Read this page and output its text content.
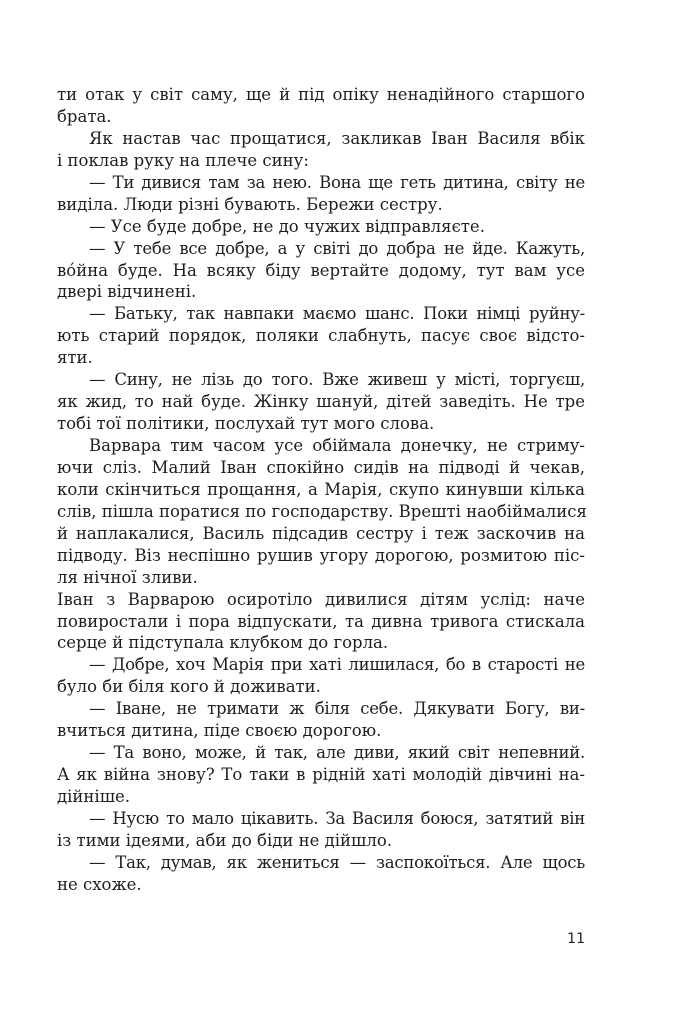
ти отак у світ саму, ще й під опіку ненадійного старшого
брата.
Як настав час прощатися, закликав Іван Василя вбік
і поклав руку на плече сину:
— Ти дивися там за нею. Вона ще геть дитина, світу не
виділа. Люди різні бувають. Бережи сестру.
— Усе буде добре, не до чужих відправляєте.
— У тебе все добре, а у світі до добра не йде. Кажуть,
во́йна буде. На всяку біду вертайте додому, тут вам усе
двері відчинені.
— Батьку, так навпаки маємо шанс. Поки німці руйну-
ють старий порядок, поляки слабнуть, пасує своє відсто-
яти.
— Сину, не лізь до того. Вже живеш у місті, торгуєш,
як жид, то най буде. Жінку шануй, дітей заведіть. Не тре
тобі тої політики, послухай тут мого слова.
Варвара тим часом усе обіймала донечку, не стриму-
ючи сліз. Малий Іван спокійно сидів на підводі й чекав,
коли скінчиться прощання, а Марія, скупо кинувши кілька
слів, пішла поратися по господарству. Врешті наобіймалися
й наплакалися, Василь підсадив сестру і теж заскочив на
підводу. Віз неспішно рушив угору дорогою, розмитою піс-
ля нічної зливи.
Іван з Варварою осиротіло дивилися дітям услід: наче
повиростали і пора відпускати, та дивна тривога стискала
серце й підступала клубком до горла.
— Добре, хоч Марія при хаті лишилася, бо в старості не
було би біля кого й доживати.
— Іване, не тримати ж біля себе. Дякувати Богу, ви-
вчиться дитина, піде своєю дорогою.
— Та воно, може, й так, але диви, який світ непевний.
А як війна знову? То таки в рідній хаті молодій дівчині на-
дійніше.
— Нусю то мало цікавить. За Василя боюся, затятий він
із тими ідеями, аби до біди не дійшло.
— Так, думав, як жениться — заспокоїться. Але щось
не схоже.
11
